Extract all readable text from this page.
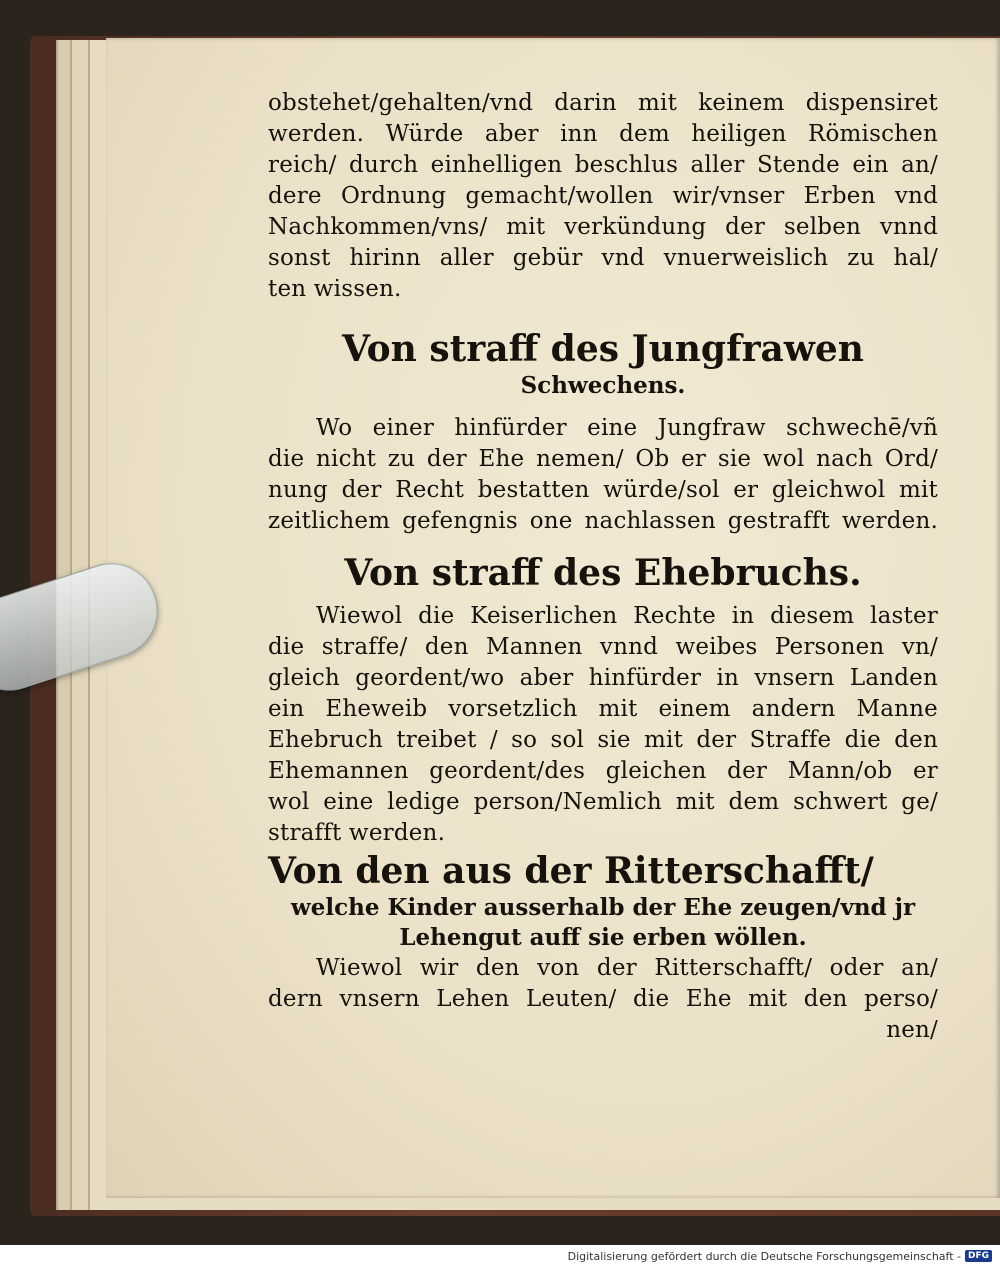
obstehet/gehalten/vnd darin mit keinem dispensiret
werden. Würde aber inn dem heiligen Römischen
reich/ durch einhelligen beschlus aller Stende ein an/
dere Ordnung gemacht/wollen wir/vnser Erben vnd
Nachkommen/vns/ mit verkündung der selben vnnd
sonst hirinn aller gebür vnd vnuerweislich zu hal/
ten wissen.
Von straff des Jungfrawen
Schwechens.
Wo einer hinfürder eine Jungfraw schwechē/vñ
die nicht zu der Ehe nemen/ Ob er sie wol nach Ord/
nung der Recht bestatten würde/sol er gleichwol mit
zeitlichem gefengnis one nachlassen gestrafft werden.
Von straff des Ehebruchs.
Wiewol die Keiserlichen Rechte in diesem laster
die straffe/ den Mannen vnnd weibes Personen vn/
gleich geordent/wo aber hinfürder in vnsern Landen
ein Eheweib vorsetzlich mit einem andern Manne
Ehebruch treibet / so sol sie mit der Straffe die den
Ehemannen geordent/des gleichen der Mann/ob er
wol eine ledige person/Nemlich mit dem schwert ge/
strafft werden.
Von den aus der Ritterschafft/
welche Kinder ausserhalb der Ehe zeugen/vnd jr
Lehengut auff sie erben wöllen.
Wiewol wir den von der Ritterschafft/ oder an/
dern vnsern Lehen Leuten/ die Ehe mit den perso/
nen/
Digitalisierung gefördert durch die Deutsche Forschungsgemeinschaft - DFG
